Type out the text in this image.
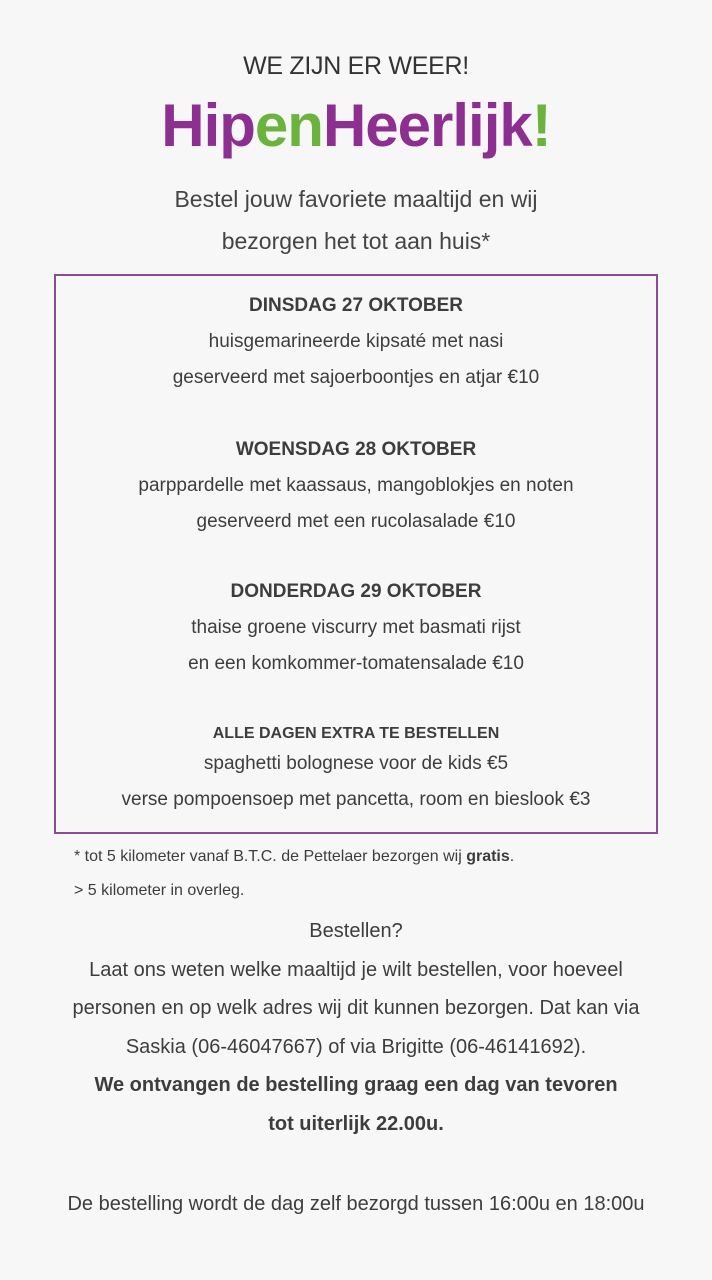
WE ZIJN ER WEER!
HipenHeerlijk!
Bestel jouw favoriete maaltijd en wij
bezorgen het tot aan huis*
DINSDAG 27 OKTOBER
huisgemarineerde kipsaté met nasi
geserveerd met sajoerboontjes en atjar €10
WOENSDAG 28 OKTOBER
parppardelle met kaassaus, mangoblokjes en noten
geserveerd met een rucolasalade €10
DONDERDAG 29 OKTOBER
thaise groene viscurry met basmati rijst
en een komkommer-tomatensalade €10
ALLE DAGEN EXTRA TE BESTELLEN
spaghetti bolognese voor de kids €5
verse pompoensoep met pancetta, room en bieslook €3
* tot 5 kilometer vanaf B.T.C. de Pettelaer bezorgen wij gratis.
> 5 kilometer in overleg.
Bestellen?
Laat ons weten welke maaltijd je wilt bestellen, voor hoeveel
personen en op welk adres wij dit kunnen bezorgen. Dat kan via
Saskia (06-46047667) of via Brigitte (06-46141692).
We ontvangen de bestelling graag een dag van tevoren
tot uiterlijk 22.00u.
De bestelling wordt de dag zelf bezorgd tussen 16:00u en 18:00u
